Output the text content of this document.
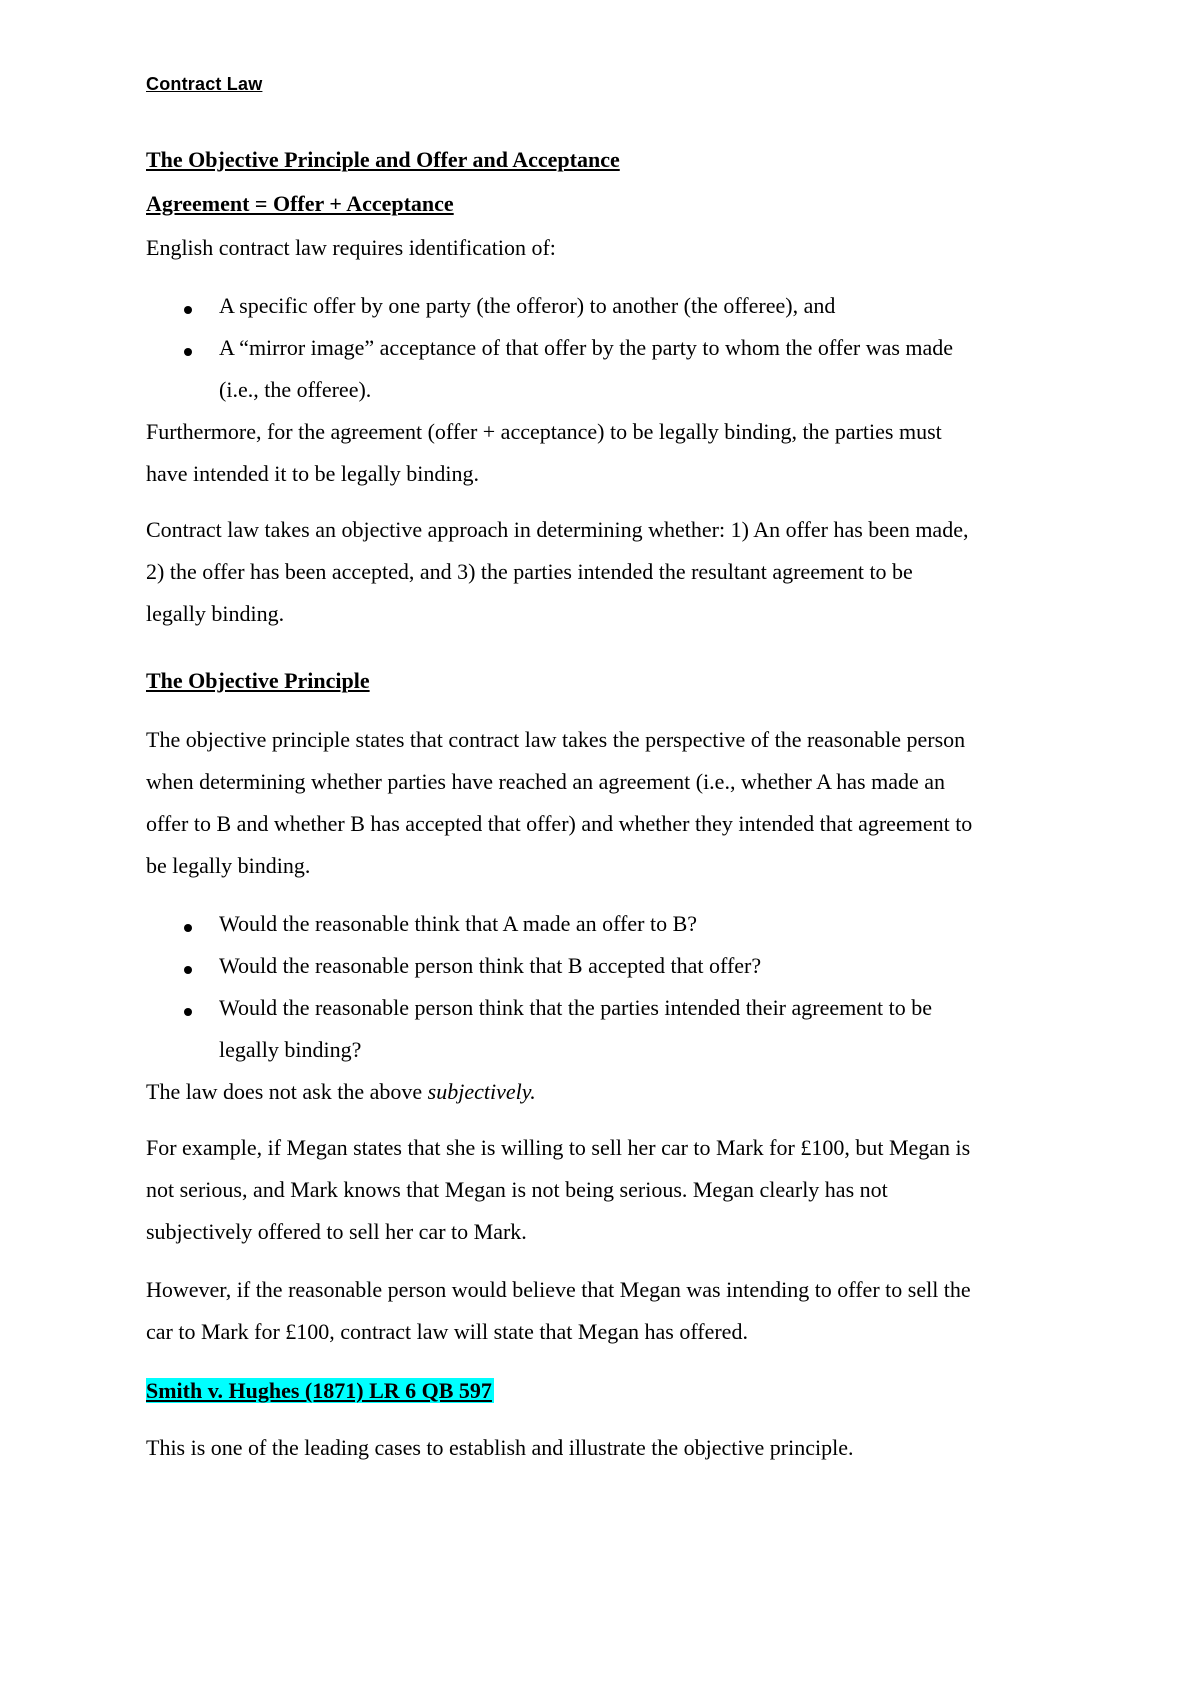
Contract Law
The Objective Principle and Offer and Acceptance
Agreement = Offer + Acceptance
English contract law requires identification of:
A specific offer by one party (the offeror) to another (the offeree), and
A “mirror image” acceptance of that offer by the party to whom the offer was made
(i.e., the offeree).
Furthermore, for the agreement (offer + acceptance) to be legally binding, the parties must
have intended it to be legally binding.
Contract law takes an objective approach in determining whether: 1) An offer has been made,
2) the offer has been accepted, and 3) the parties intended the resultant agreement to be
legally binding.
The Objective Principle
The objective principle states that contract law takes the perspective of the reasonable person
when determining whether parties have reached an agreement (i.e., whether A has made an
offer to B and whether B has accepted that offer) and whether they intended that agreement to
be legally binding.
Would the reasonable think that A made an offer to B?
Would the reasonable person think that B accepted that offer?
Would the reasonable person think that the parties intended their agreement to be
legally binding?
The law does not ask the above subjectively.
For example, if Megan states that she is willing to sell her car to Mark for £100, but Megan is
not serious, and Mark knows that Megan is not being serious. Megan clearly has not
subjectively offered to sell her car to Mark.
However, if the reasonable person would believe that Megan was intending to offer to sell the
car to Mark for £100, contract law will state that Megan has offered.
Smith v. Hughes (1871) LR 6 QB 597
This is one of the leading cases to establish and illustrate the objective principle.
